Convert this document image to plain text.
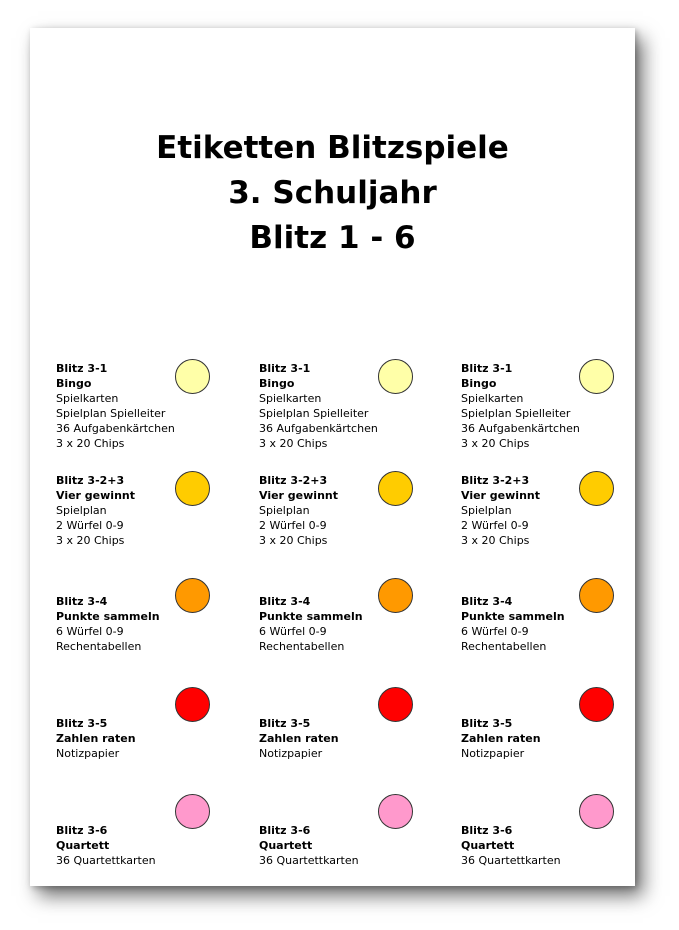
Etiketten Blitzspiele
3. Schuljahr
Blitz 1 - 6
Blitz 3-1
Bingo
Spielkarten
Spielplan Spielleiter
36 Aufgabenkärtchen
3 x 20 Chips
Blitz 3-1
Bingo
Spielkarten
Spielplan Spielleiter
36 Aufgabenkärtchen
3 x 20 Chips
Blitz 3-1
Bingo
Spielkarten
Spielplan Spielleiter
36 Aufgabenkärtchen
3 x 20 Chips
Blitz 3-2+3
Vier gewinnt
Spielplan
2 Würfel 0-9
3 x 20 Chips
Blitz 3-2+3
Vier gewinnt
Spielplan
2 Würfel 0-9
3 x 20 Chips
Blitz 3-2+3
Vier gewinnt
Spielplan
2 Würfel 0-9
3 x 20 Chips
Blitz 3-4
Punkte sammeln
6 Würfel 0-9
Rechentabellen
Blitz 3-4
Punkte sammeln
6 Würfel 0-9
Rechentabellen
Blitz 3-4
Punkte sammeln
6 Würfel 0-9
Rechentabellen
Blitz 3-5
Zahlen raten
Notizpapier
Blitz 3-5
Zahlen raten
Notizpapier
Blitz 3-5
Zahlen raten
Notizpapier
Blitz 3-6
Quartett
36 Quartettkarten
Blitz 3-6
Quartett
36 Quartettkarten
Blitz 3-6
Quartett
36 Quartettkarten
